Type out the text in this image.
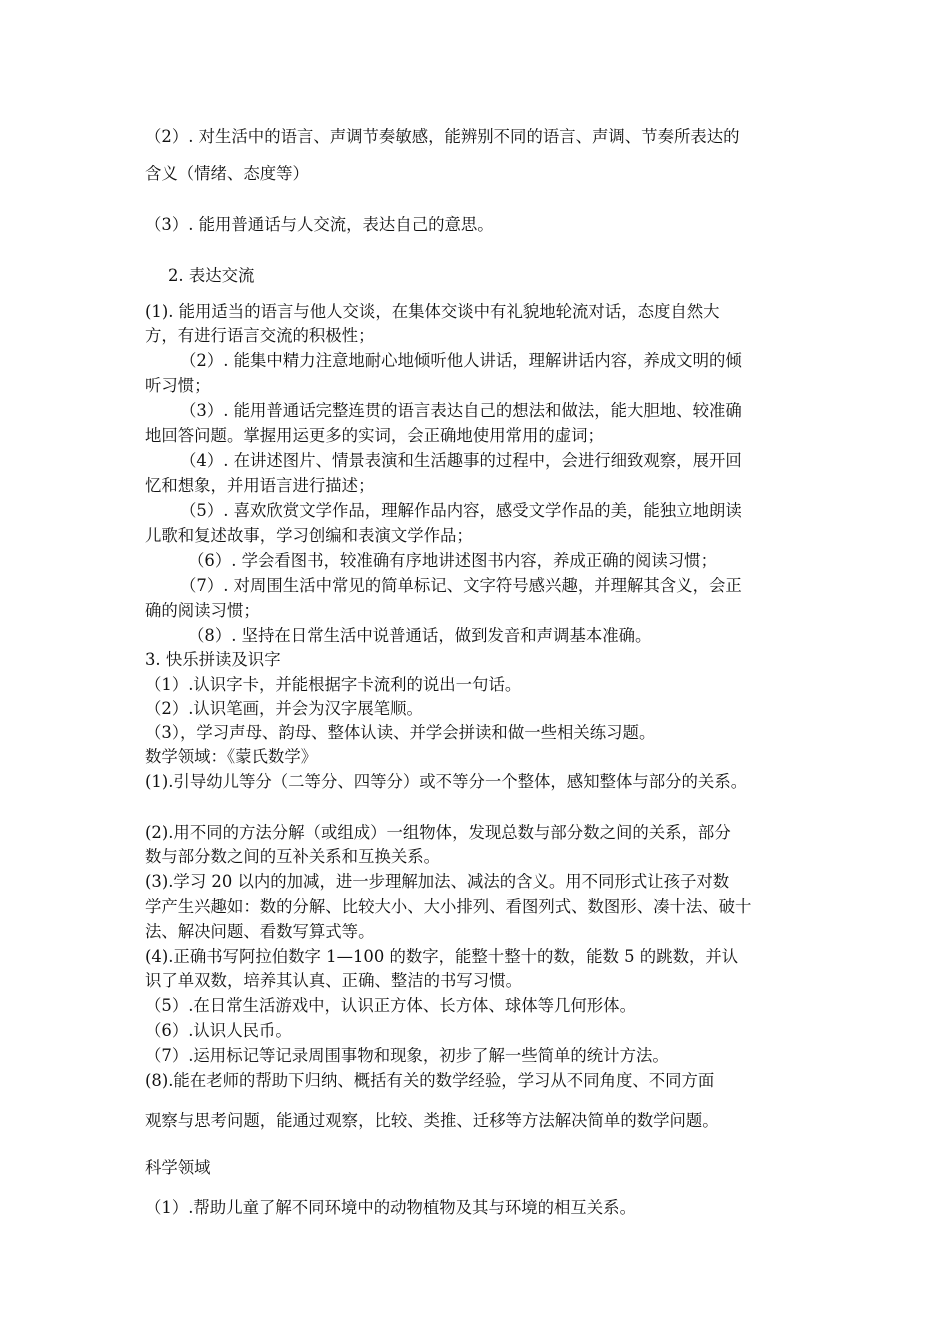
（2）. 对生活中的语言、声调节奏敏感，能辨别不同的语言、声调、节奏所表达的
含义（情绪、态度等）
（3）. 能用普通话与人交流，表达自己的意思。
2. 表达交流
(1). 能用适当的语言与他人交谈，在集体交谈中有礼貌地轮流对话，态度自然大
方，有进行语言交流的积极性；
（2）. 能集中精力注意地耐心地倾听他人讲话，理解讲话内容，养成文明的倾
听习惯；
（3）. 能用普通话完整连贯的语言表达自己的想法和做法，能大胆地、较准确
地回答问题。掌握用运更多的实词，会正确地使用常用的虚词；
（4）. 在讲述图片、情景表演和生活趣事的过程中，会进行细致观察，展开回
忆和想象，并用语言进行描述；
（5）. 喜欢欣赏文学作品，理解作品内容，感受文学作品的美，能独立地朗读
儿歌和复述故事，学习创编和表演文学作品；
（6）. 学会看图书，较准确有序地讲述图书内容，养成正确的阅读习惯；
（7）. 对周围生活中常见的简单标记、文字符号感兴趣，并理解其含义，会正
确的阅读习惯；
（8）. 坚持在日常生活中说普通话，做到发音和声调基本准确。
3. 快乐拼读及识字
（1）.认识字卡，并能根据字卡流利的说出一句话。
（2）.认识笔画，并会为汉字展笔顺。
（3），学习声母、韵母、整体认读、并学会拼读和做一些相关练习题。
数学领域：《蒙氏数学》
(1).引导幼儿等分（二等分、四等分）或不等分一个整体，感知整体与部分的关系。
(2).用不同的方法分解（或组成）一组物体，发现总数与部分数之间的关系，部分
数与部分数之间的互补关系和互换关系。
(3).学习 20 以内的加减，进一步理解加法、减法的含义。用不同形式让孩子对数
学产生兴趣如：数的分解、比较大小、大小排列、看图列式、数图形、凑十法、破十
法、解决问题、看数写算式等。
(4).正确书写阿拉伯数字 1—100 的数字，能整十整十的数，能数 5 的跳数，并认
识了单双数，培养其认真、正确、整洁的书写习惯。
（5）.在日常生活游戏中，认识正方体、长方体、球体等几何形体。
（6）.认识人民币。
（7）.运用标记等记录周围事物和现象，初步了解一些简单的统计方法。
(8).能在老师的帮助下归纳、概括有关的数学经验，学习从不同角度、不同方面
观察与思考问题，能通过观察，比较、类推、迁移等方法解决简单的数学问题。
科学领域
（1）.帮助儿童了解不同环境中的动物植物及其与环境的相互关系。
